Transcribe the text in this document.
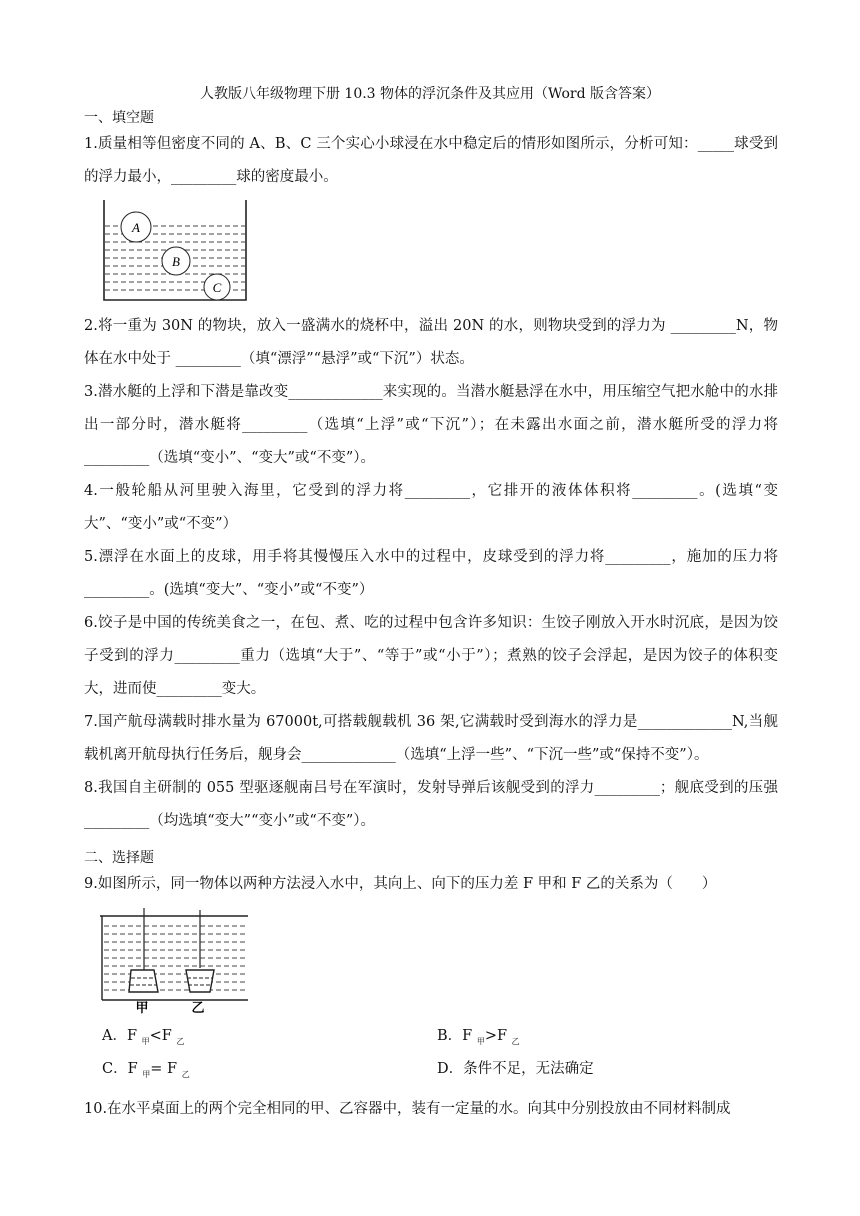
人教版八年级物理下册 10.3 物体的浮沉条件及其应用（Word 版含答案）
一、填空题
1.质量相等但密度不同的 A、B、C 三个实心小球浸在水中稳定后的情形如图所示，分析可知：_____球受到的浮力最小，_________球的密度最小。
A
B
C
2.将一重为 30N 的物块，放入一盛满水的烧杯中，溢出 20N 的水，则物块受到的浮力为 _________N，物体在水中处于 _________（填“漂浮”“悬浮”或“下沉”）状态。
3.潜水艇的上浮和下潜是靠改变_____________来实现的。当潜水艇悬浮在水中，用压缩空气把水舱中的水排出一部分时，潜水艇将_________（选填“上浮”或“下沉”）；在未露出水面之前，潜水艇所受的浮力将_________（选填“变小”、“变大”或“不变”）。
4.一般轮船从河里驶入海里，它受到的浮力将_________，它排开的液体体积将_________。(选填“变大”、“变小”或“不变”）
5.漂浮在水面上的皮球，用手将其慢慢压入水中的过程中，皮球受到的浮力将_________，施加的压力将_________。(选填“变大”、“变小”或“不变”）
6.饺子是中国的传统美食之一，在包、煮、吃的过程中包含许多知识：生饺子刚放入开水时沉底，是因为饺子受到的浮力_________重力（选填“大于”、“等于”或“小于”）；煮熟的饺子会浮起，是因为饺子的体积变大，进而使_________变大。
7.国产航母满载时排水量为 67000t,可搭载舰载机 36 架,它满载时受到海水的浮力是_____________N,当舰载机离开航母执行任务后，舰身会_____________（选填“上浮一些”、“下沉一些”或“保持不变”）。
8.我国自主研制的 055 型驱逐舰南吕号在军演时，发射导弹后该舰受到的浮力_________；舰底受到的压强_________（均选填“变大”“变小”或“不变”）。
二、选择题
9.如图所示，同一物体以两种方法浸入水中，其向上、向下的压力差 F 甲和 F 乙的关系为（　　）
甲	乙
A．F $_甲$<F $_乙$	B．F $_甲$>F $_乙$
C．F $_甲$= F $_乙$	D．条件不足，无法确定
10.在水平桌面上的两个完全相同的甲、乙容器中，装有一定量的水。向其中分别投放由不同材料制成
